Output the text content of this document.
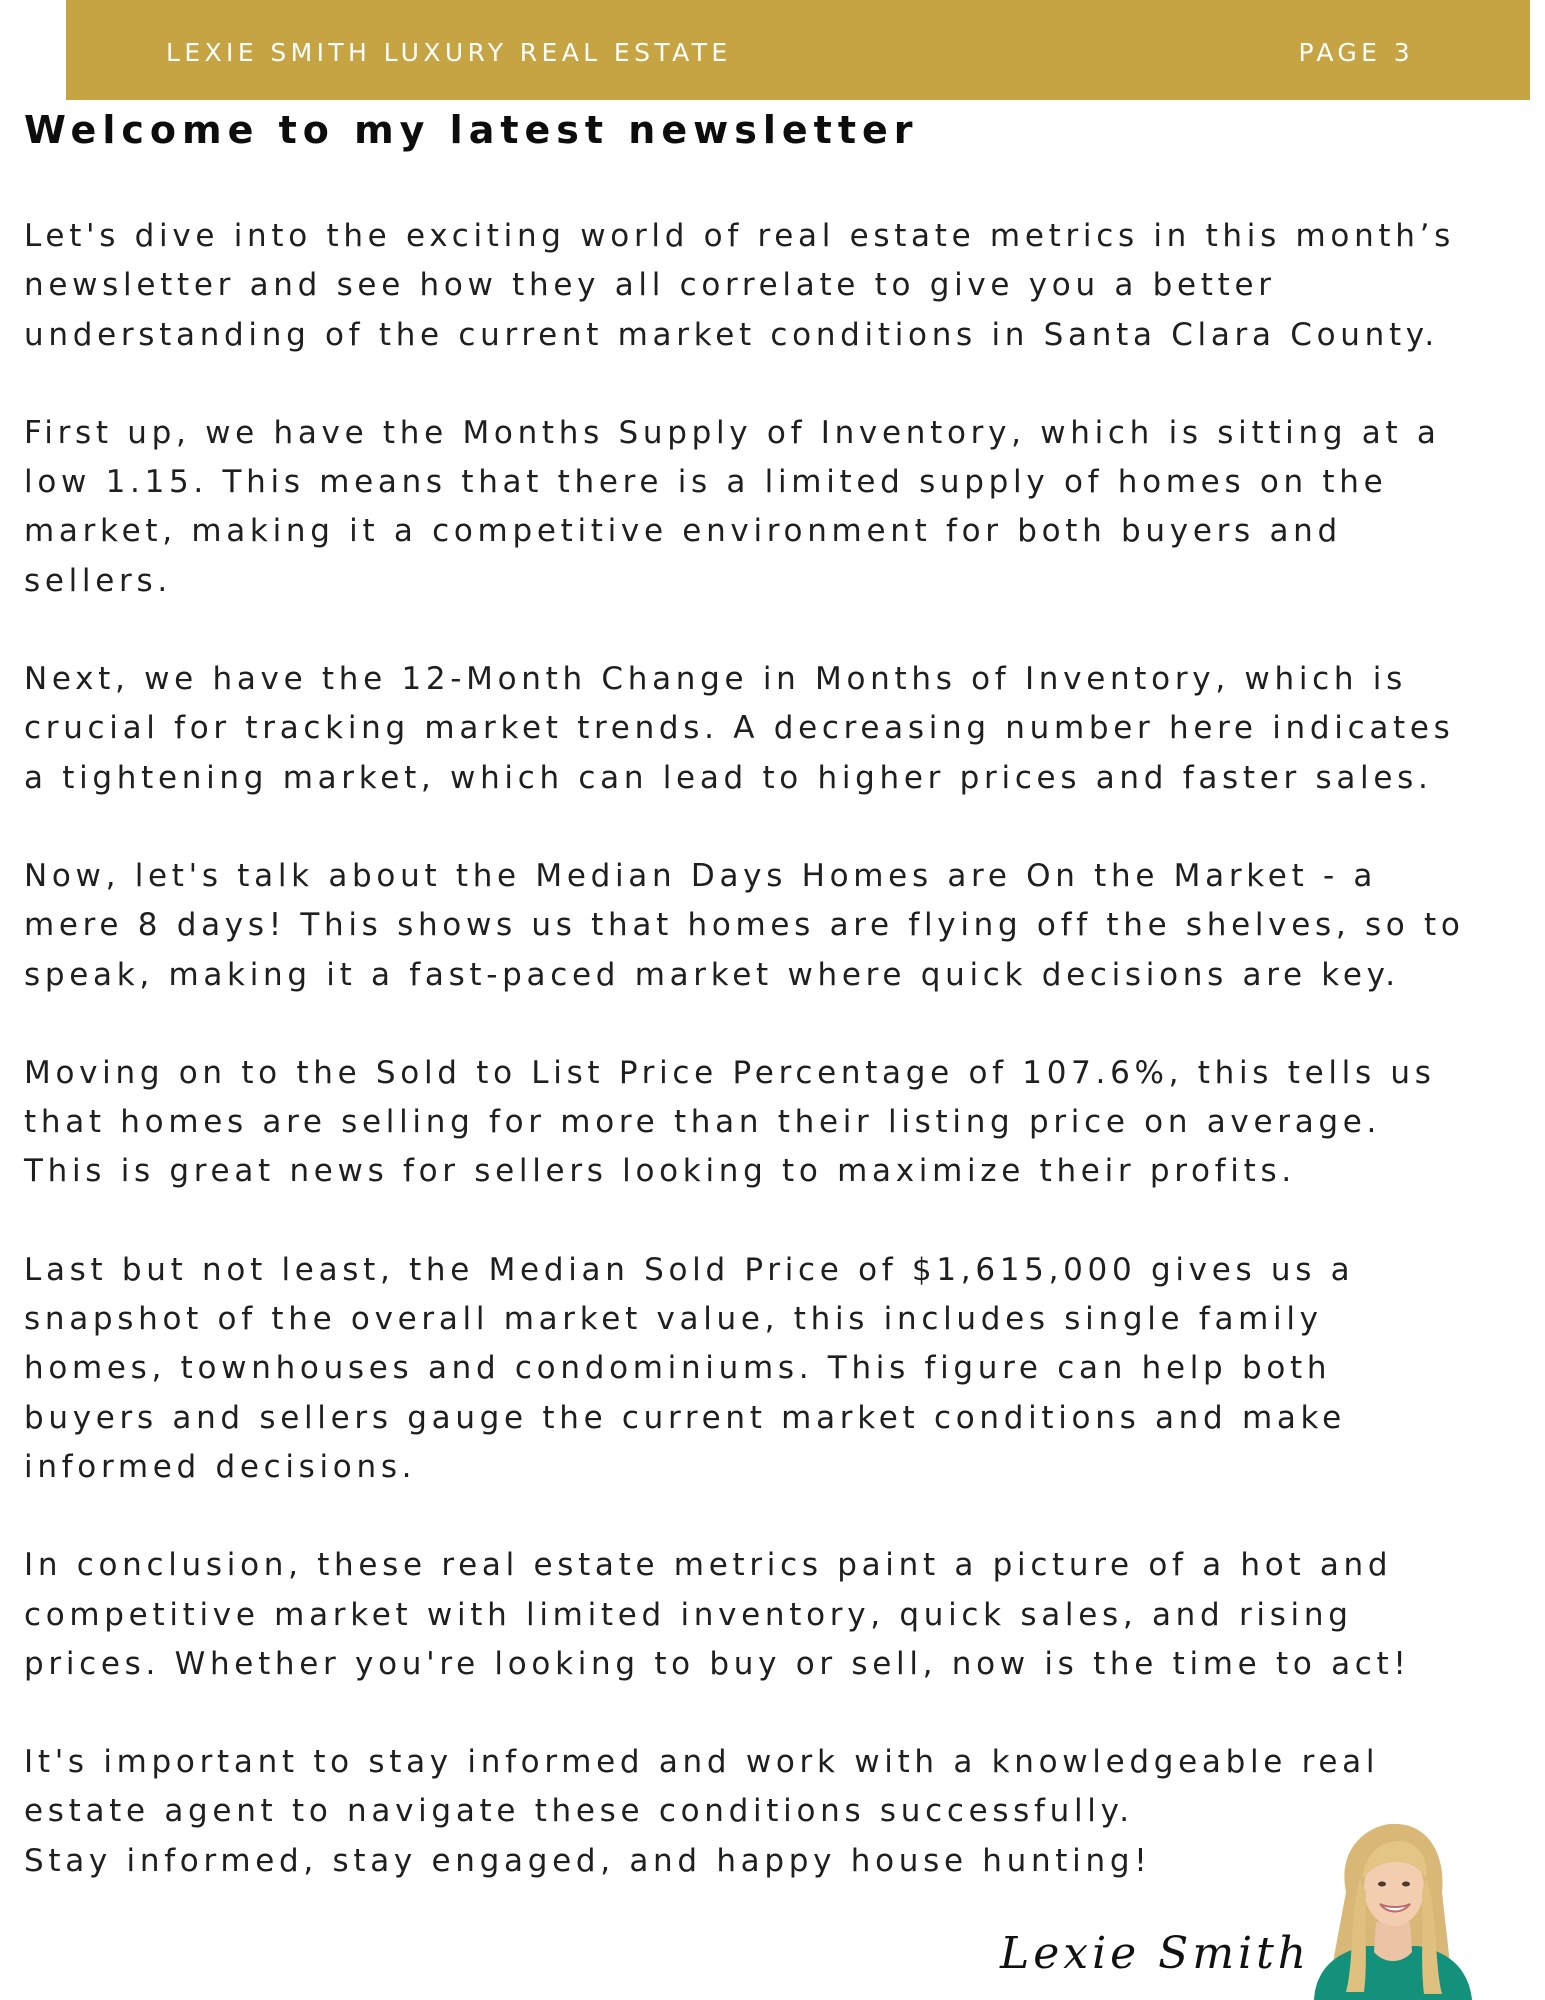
LEXIE SMITH LUXURY REAL ESTATE	PAGE 3
Welcome to my latest newsletter

Let's dive into the exciting world of real estate metrics in this month’s
newsletter and see how they all correlate to give you a better
understanding of the current market conditions in Santa Clara County.

First up, we have the Months Supply of Inventory, which is sitting at a
low 1.15. This means that there is a limited supply of homes on the
market, making it a competitive environment for both buyers and
sellers.

Next, we have the 12-Month Change in Months of Inventory, which is
crucial for tracking market trends. A decreasing number here indicates
a tightening market, which can lead to higher prices and faster sales.

Now, let's talk about the Median Days Homes are On the Market - a
mere 8 days! This shows us that homes are flying off the shelves, so to
speak, making it a fast-paced market where quick decisions are key.

Moving on to the Sold to List Price Percentage of 107.6%, this tells us
that homes are selling for more than their listing price on average.
This is great news for sellers looking to maximize their profits.

Last but not least, the Median Sold Price of $1,615,000 gives us a
snapshot of the overall market value, this includes single family
homes, townhouses and condominiums. This figure can help both
buyers and sellers gauge the current market conditions and make
informed decisions.

In conclusion, these real estate metrics paint a picture of a hot and
competitive market with limited inventory, quick sales, and rising
prices. Whether you're looking to buy or sell, now is the time to act!

It's important to stay informed and work with a knowledgeable real
estate agent to navigate these conditions successfully.
Stay informed, stay engaged, and happy house hunting!

Lexie Smith
